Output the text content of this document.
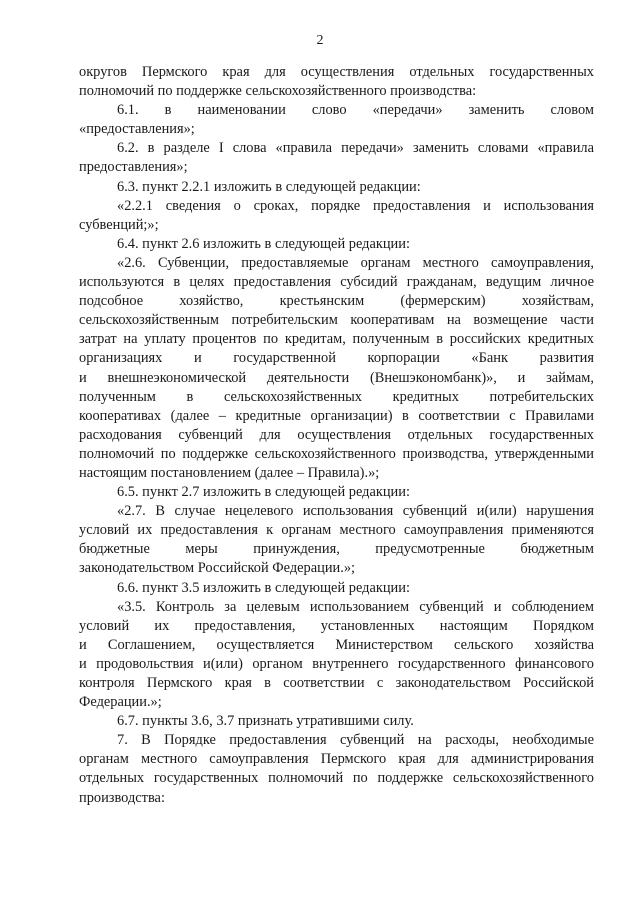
2
округов Пермского края для осуществления отдельных государственных
полномочий по поддержке сельскохозяйственного производства:
6.1. в наименовании слово «передачи» заменить словом
«предоставления»;
6.2. в разделе I слова «правила передачи» заменить словами «правила
предоставления»;
6.3. пункт 2.2.1 изложить в следующей редакции:
«2.2.1 сведения о сроках, порядке предоставления и использования
субвенций;»;
6.4. пункт 2.6 изложить в следующей редакции:
«2.6. Субвенции, предоставляемые органам местного самоуправления,
используются в целях предоставления субсидий гражданам, ведущим личное
подсобное хозяйство, крестьянским (фермерским) хозяйствам,
сельскохозяйственным потребительским кооперативам на возмещение части
затрат на уплату процентов по кредитам, полученным в российских кредитных
организациях и государственной корпорации «Банк развития
и внешнеэкономической деятельности (Внешэкономбанк)», и займам,
полученным в сельскохозяйственных кредитных потребительских
кооперативах (далее – кредитные организации) в соответствии с Правилами
расходования субвенций для осуществления отдельных государственных
полномочий по поддержке сельскохозяйственного производства, утвержденными
настоящим постановлением (далее – Правила).»;
6.5. пункт 2.7 изложить в следующей редакции:
«2.7. В случае нецелевого использования субвенций и(или) нарушения
условий их предоставления к органам местного самоуправления применяются
бюджетные меры принуждения, предусмотренные бюджетным
законодательством Российской Федерации.»;
6.6. пункт 3.5 изложить в следующей редакции:
«3.5. Контроль за целевым использованием субвенций и соблюдением
условий их предоставления, установленных настоящим Порядком
и Соглашением, осуществляется Министерством сельского хозяйства
и продовольствия и(или) органом внутреннего государственного финансового
контроля Пермского края в соответствии с законодательством Российской
Федерации.»;
6.7. пункты 3.6, 3.7 признать утратившими силу.
7. В Порядке предоставления субвенций на расходы, необходимые
органам местного самоуправления Пермского края для администрирования
отдельных государственных полномочий по поддержке сельскохозяйственного
производства:
